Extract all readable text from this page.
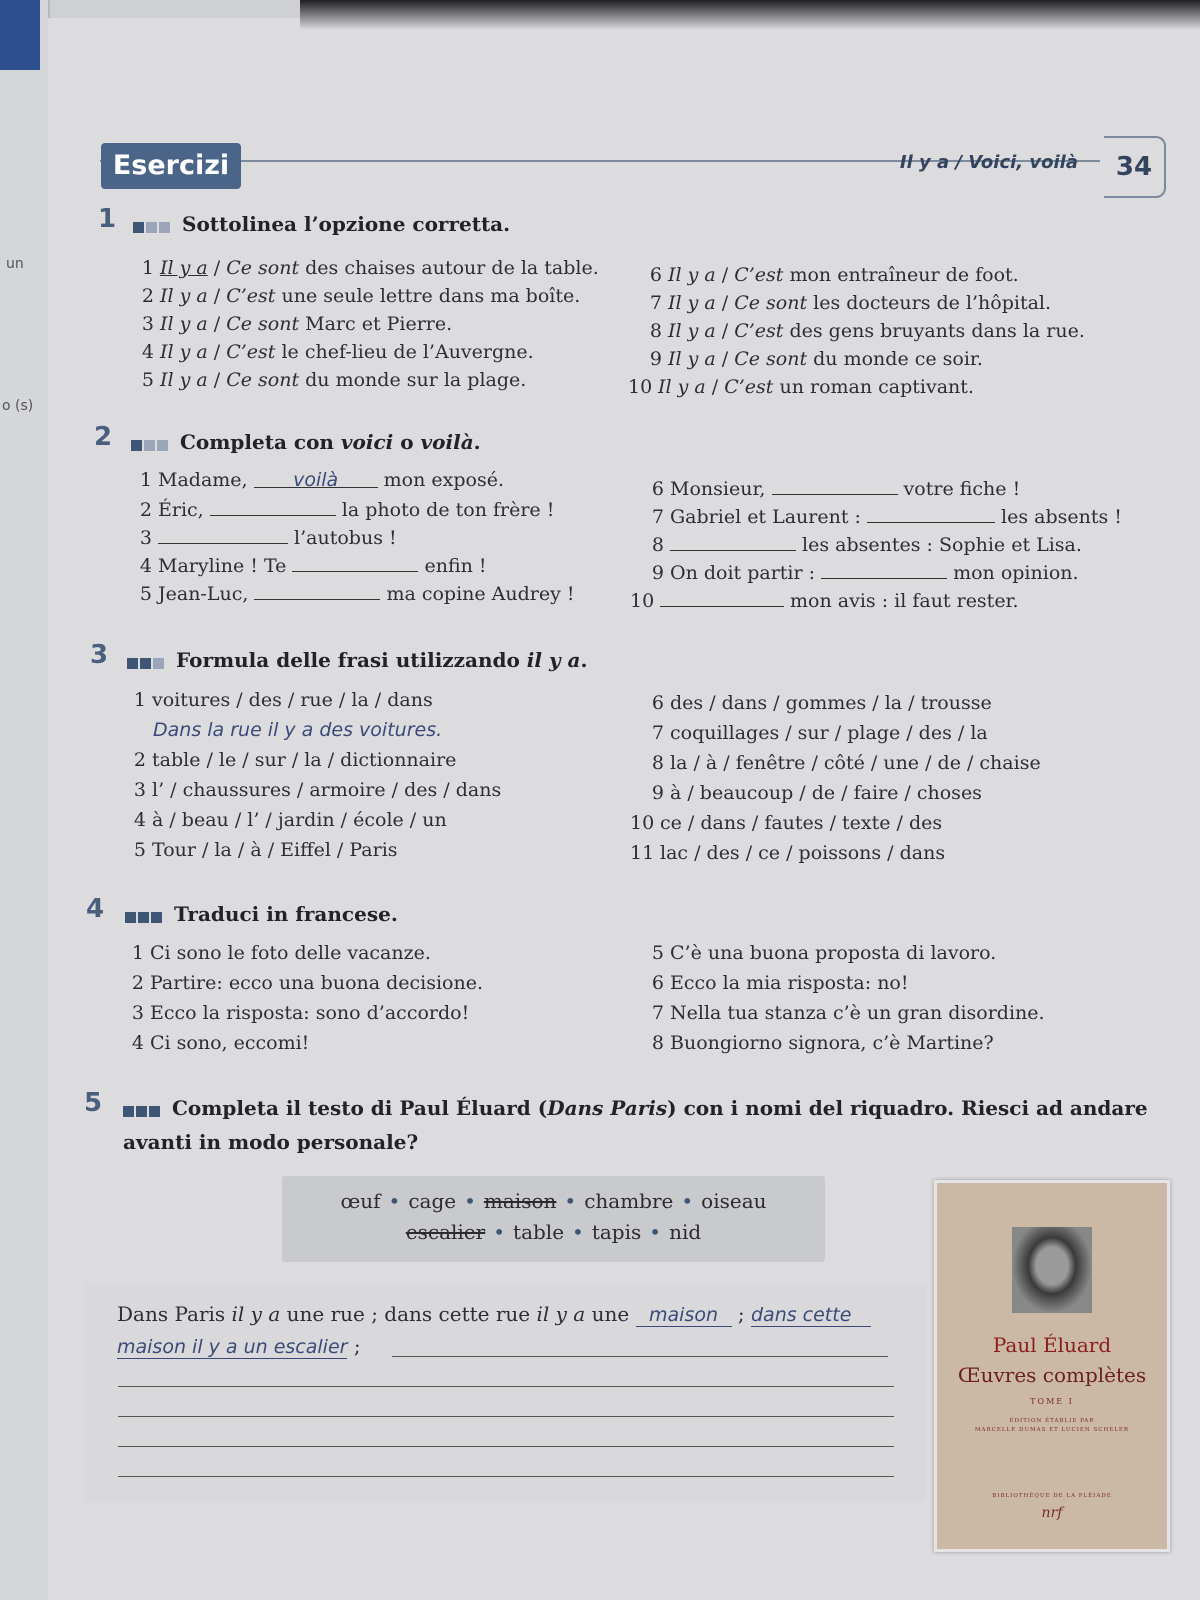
un
o (s)
Esercizi	Il y a / Voici, voilà	34
1	Sottolinea l’opzione corretta.
1 Il y a / Ce sont des chaises autour de la table.
2 Il y a / C’est une seule lettre dans ma boîte.
3 Il y a / Ce sont Marc et Pierre.
4 Il y a / C’est le chef-lieu de l’Auvergne.
5 Il y a / Ce sont du monde sur la plage.
6 Il y a / C’est mon entraîneur de foot.
7 Il y a / Ce sont les docteurs de l’hôpital.
8 Il y a / C’est des gens bruyants dans la rue.
9 Il y a / Ce sont du monde ce soir.
10 Il y a / C’est un roman captivant.
2	Completa con voici o voilà.
1 Madame, voilà mon exposé.
2 Éric,	la photo de ton frère !
3	l’autobus !
4 Maryline ! Te	enfin !
5 Jean-Luc,	ma copine Audrey !
6 Monsieur,	votre fiche !
7 Gabriel et Laurent :	les absents !
8	les absentes : Sophie et Lisa.
9 On doit partir :	mon opinion.
10	mon avis : il faut rester.
3	Formula delle frasi utilizzando il y a.
Dans la rue il y a des voitures.
1 voitures / des / rue / la / dans
2 table / le / sur / la / dictionnaire
3 l’ / chaussures / armoire / des / dans
4 à / beau / l’ / jardin / école / un
5 Tour / la / à / Eiffel / Paris
6 des / dans / gommes / la / trousse
7 coquillages / sur / plage / des / la
8 la / à / fenêtre / côté / une / de / chaise
9 à / beaucoup / de / faire / choses
10 ce / dans / fautes / texte / des
11 lac / des / ce / poissons / dans
4	Traduci in francese.
1 Ci sono le foto delle vacanze.
2 Partire: ecco una buona decisione.
3 Ecco la risposta: sono d’accordo!
4 Ci sono, eccomi!
5 C’è una buona proposta di lavoro.
6 Ecco la mia risposta: no!
7 Nella tua stanza c’è un gran disordine.
8 Buongiorno signora, c’è Martine?
5	Completa il testo di Paul Éluard (Dans Paris) con i nomi del riquadro. Riesci ad andare
avanti in modo personale?
œuf • cage • maison • chambre • oiseau
escalier • table • tapis • nid
Dans Paris il y a une rue ; dans cette rue il y a une maison ; dans cette
maison il y a un escalier ;	Paul Éluard
Œuvres complètes
TOME I
ÉDITION ÉTABLIE PAR
MARCELLE DUMAS ET LUCIEN SCHELER
BIBLIOTHÈQUE DE LA PLÉIADE
nrf
